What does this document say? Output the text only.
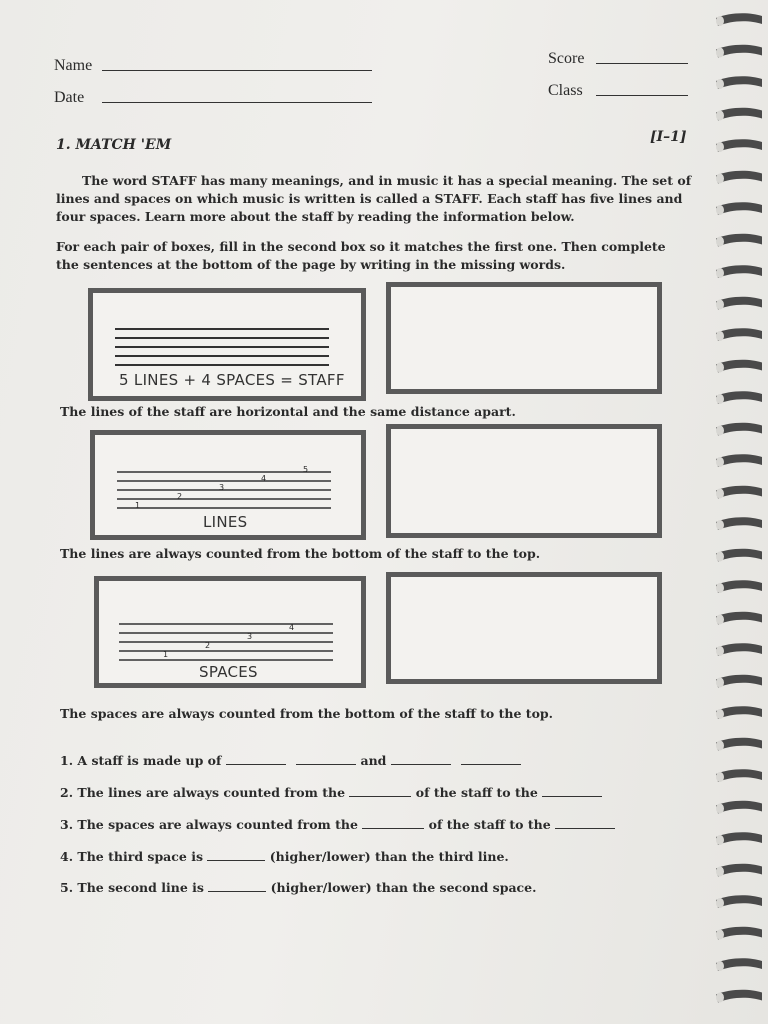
Name
Date
Score
Class
1. MATCH 'EM	[I–1]
The word STAFF has many meanings, and in music it has a special meaning. The set of lines and spaces on which music is written is called a STAFF. Each staff has five lines and four spaces. Learn more about the staff by reading the information below.
For each pair of boxes, fill in the second box so it matches the first one. Then complete the sentences at the bottom of the page by writing in the missing words.
5 LINES + 4 SPACES = STAFF
The lines of the staff are horizontal and the same distance apart.
1
2
3
4
5
LINES
The lines are always counted from the bottom of the staff to the top.
1
2
3
4
SPACES
The spaces are always counted from the bottom of the staff to the top.
1. A staff is made up of	and
2. The lines are always counted from the	of the staff to the
3. The spaces are always counted from the	of the staff to the
4. The third space is	(higher/lower) than the third line.
5. The second line is	(higher/lower) than the second space.
